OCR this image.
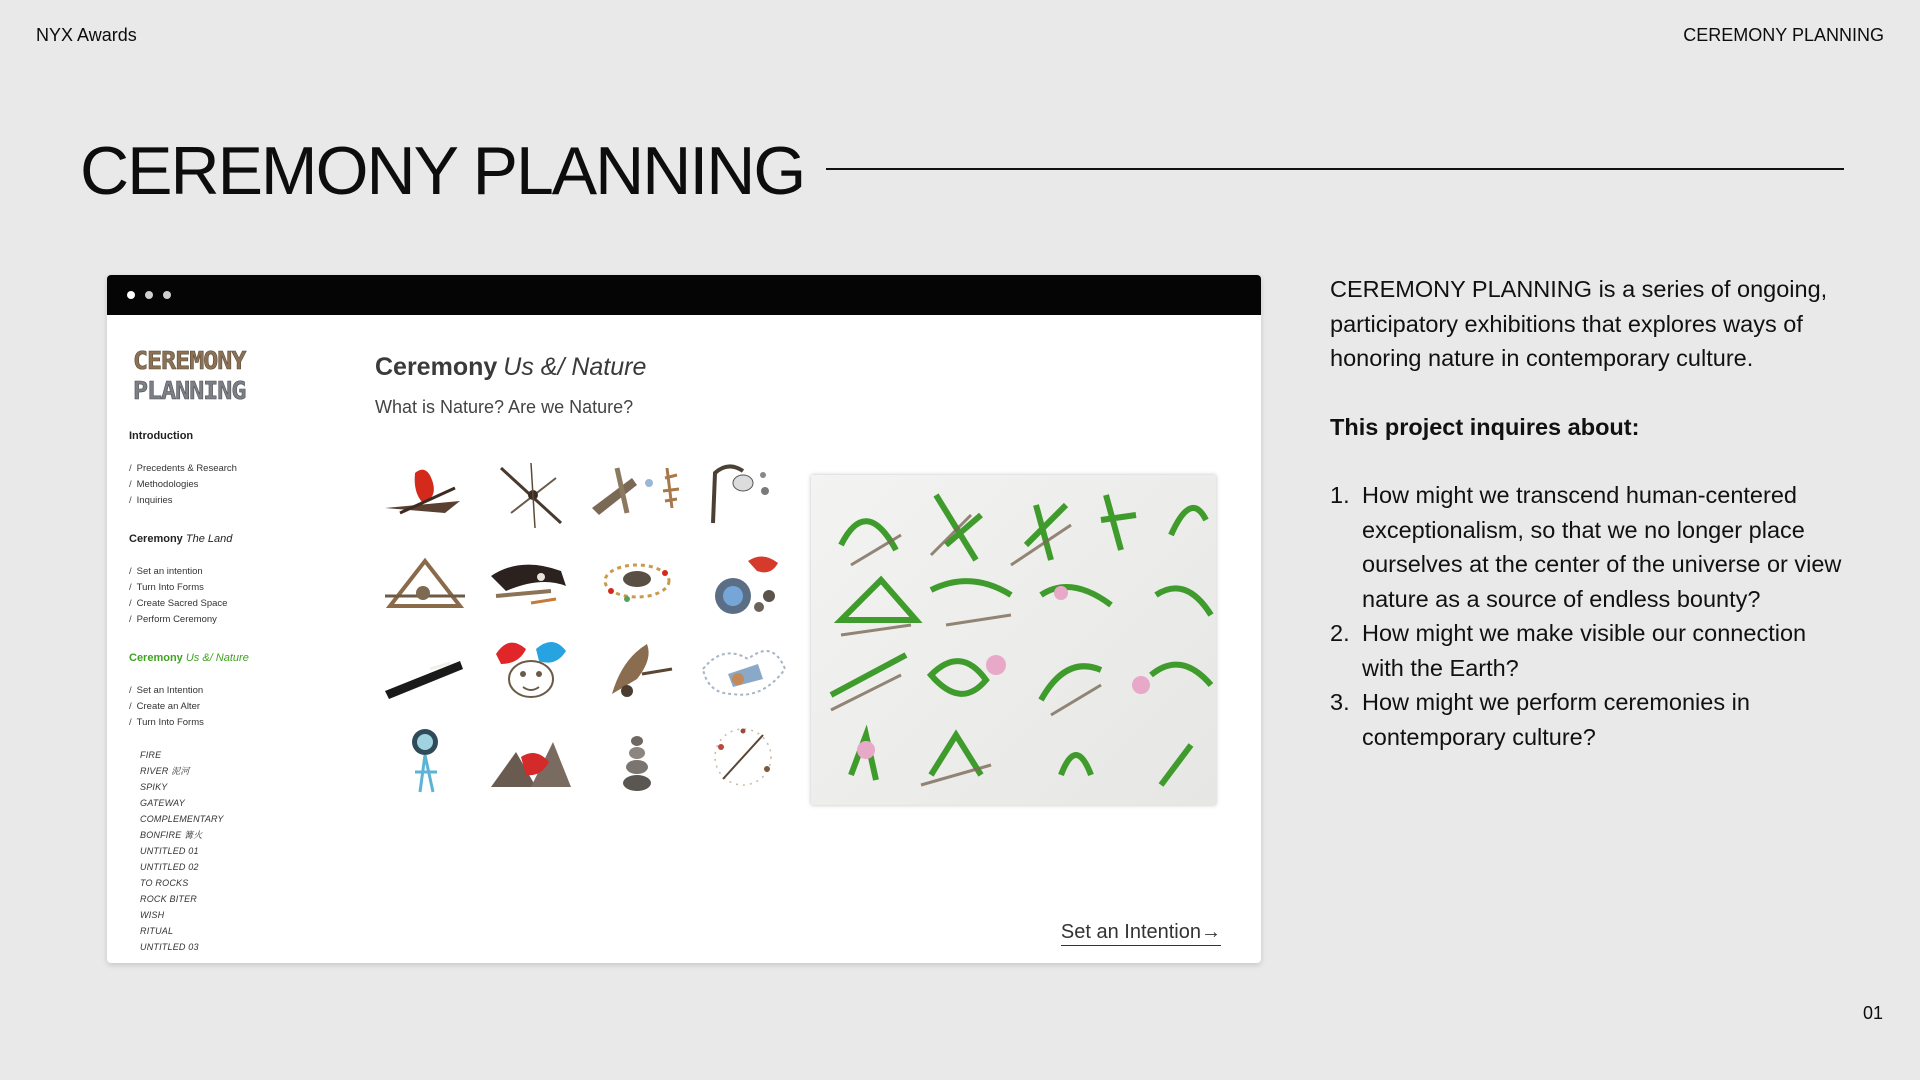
NYX Awards	CEREMONY PLANNING
CEREMONY PLANNING
CEREMONY
PLANNING
Introduction
/ Precedents & Research
/ Methodologies
/ Inquiries
Ceremony The Land
/ Set an intention
/ Turn Into Forms
/ Create Sacred Space
/ Perform Ceremony
Ceremony Us &/ Nature
/ Set an Intention
/ Create an Alter
/ Turn Into Forms
FIRE
RIVER 泥河
SPIKY
GATEWAY
COMPLEMENTARY
BONFIRE 篝火
UNTITLED 01
UNTITLED 02
TO ROCKS
ROCK BITER
WISH
RITUAL
UNTITLED 03
Ceremony Us &/ Nature
What is Nature? Are we Nature?
Set an Intention→

CEREMONY PLANNING is a series of ongoing, participatory exhibitions that explores ways of honoring nature in contemporary culture.

This project inquires about:

1. How might we transcend human-centered exceptionalism, so that we no longer place ourselves at the center of the universe or view nature as a source of endless bounty?
2. How might we make visible our connection with the Earth?
3. How might we perform ceremonies in contemporary culture?
01
